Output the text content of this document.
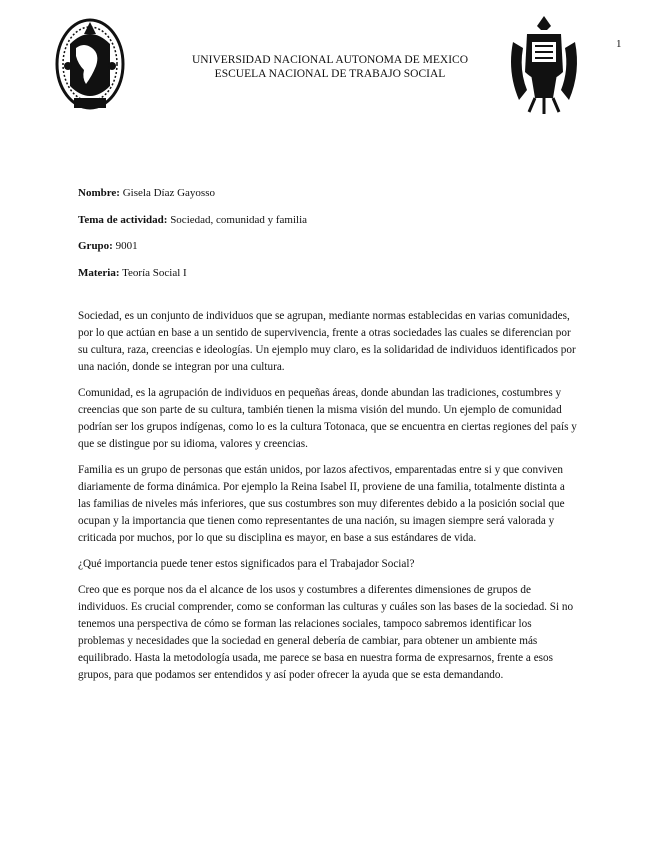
1
UNIVERSIDAD NACIONAL AUTONOMA DE MEXICO
ESCUELA NACIONAL DE TRABAJO SOCIAL
Nombre: Gisela Díaz Gayosso
Tema de actividad: Sociedad, comunidad y familia
Grupo: 9001
Materia: Teoría Social I

Sociedad, es un conjunto de individuos que se agrupan, mediante normas establecidas en varias comunidades, por lo que actúan en base a un sentido de supervivencia, frente a otras sociedades las cuales se diferencian por su cultura, raza, creencias e ideologías. Un ejemplo muy claro, es la solidaridad de individuos identificados por una nación, donde se integran por una cultura.

Comunidad, es la agrupación de individuos en pequeñas áreas, donde abundan las tradiciones, costumbres y creencias que son parte de su cultura, también tienen la misma visión del mundo. Un ejemplo de comunidad podrían ser los grupos indígenas, como lo es la cultura Totonaca, que se encuentra en ciertas regiones del país y que se distingue por su idioma, valores y creencias.

Familia es un grupo de personas que están unidos, por lazos afectivos, emparentadas entre si y que conviven diariamente de forma dinámica. Por ejemplo la Reina Isabel II, proviene de una familia, totalmente distinta a las familias de niveles más inferiores, que sus costumbres son muy diferentes debido a la posición social que ocupan y la importancia que tienen como representantes de una nación, su imagen siempre será valorada y criticada por muchos, por lo que su disciplina es mayor, en base a sus estándares de vida.

¿Qué importancia puede tener estos significados para el Trabajador Social?

Creo que es porque nos da el alcance de los usos y costumbres a diferentes dimensiones de grupos de individuos. Es crucial comprender, como se conforman las culturas y cuáles son las bases de la sociedad. Si no tenemos una perspectiva de cómo se forman las relaciones sociales, tampoco sabremos identificar los problemas y necesidades que la sociedad en general debería de cambiar, para obtener un ambiente más equilibrado. Hasta la metodología usada, me parece se basa en nuestra forma de expresarnos, frente a esos grupos, para que podamos ser entendidos y así poder ofrecer la ayuda que se esta demandando.
